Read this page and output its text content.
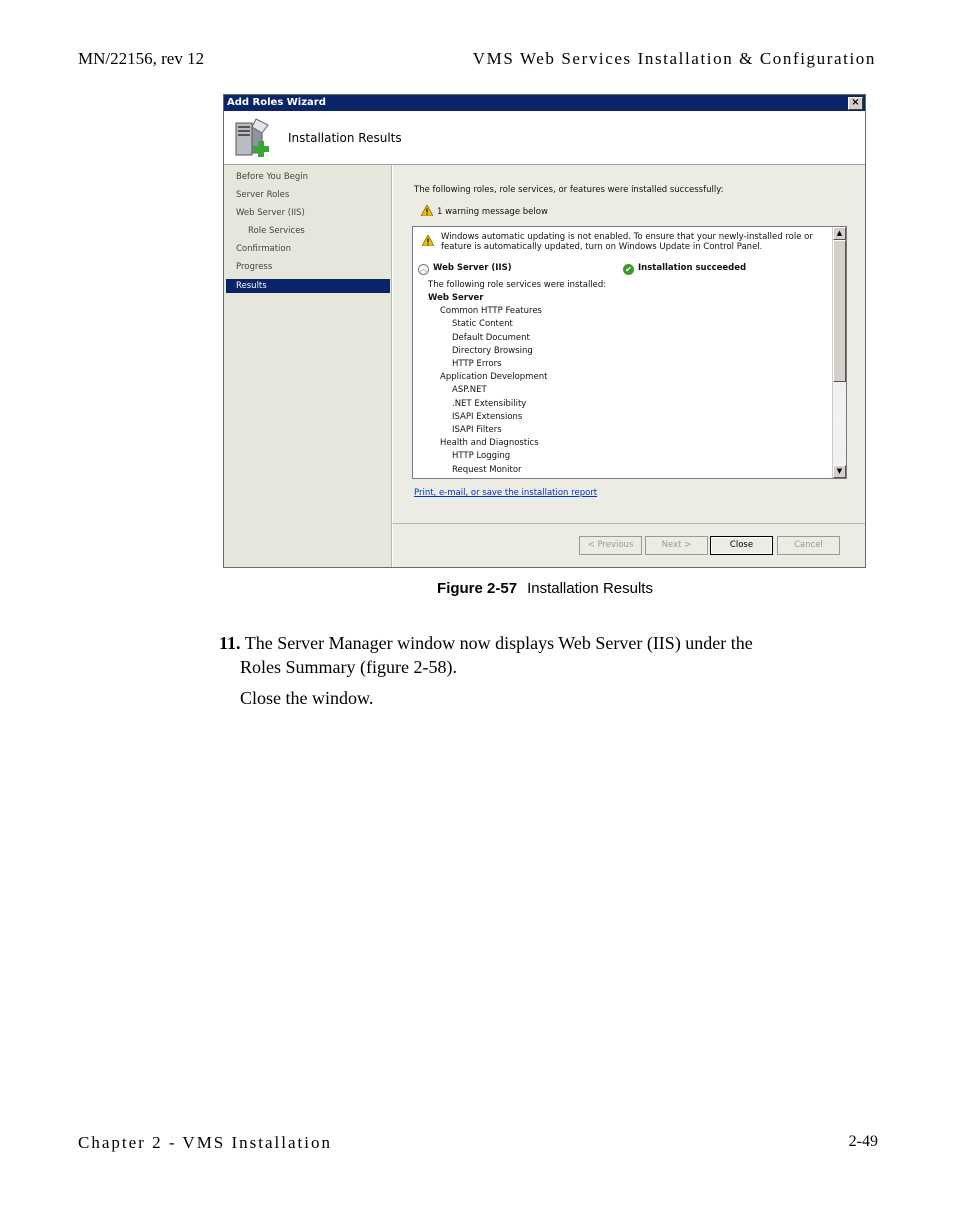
MN/22156, rev 12	VMS Web Services Installation & Configuration
Add Roles Wizard	×
Installation Results
Before You Begin
Server Roles
Web Server (IIS)
Role Services
Confirmation
Progress
Results
The following roles, role services, or features were installed successfully:
1 warning message below
Windows automatic updating is not enabled. To ensure that your newly-installed role or feature is automatically updated, turn on Windows Update in Control Panel.
︿ Web Server (IIS)	✔ Installation succeeded
The following role services were installed:
Web Server
Common HTTP Features
Static Content
Default Document
Directory Browsing
HTTP Errors
Application Development
ASP.NET
.NET Extensibility
ISAPI Extensions
ISAPI Filters
Health and Diagnostics
HTTP Logging
Request Monitor
▲
▼
Print, e-mail, or save the installation report
< Previous	Next >	Close	Cancel
Figure 2-57 Installation Results
11. The Server Manager window now displays Web Server (IIS) under the
Roles Summary (figure 2-58).
Close the window.
Chapter 2 - VMS Installation	2-49
